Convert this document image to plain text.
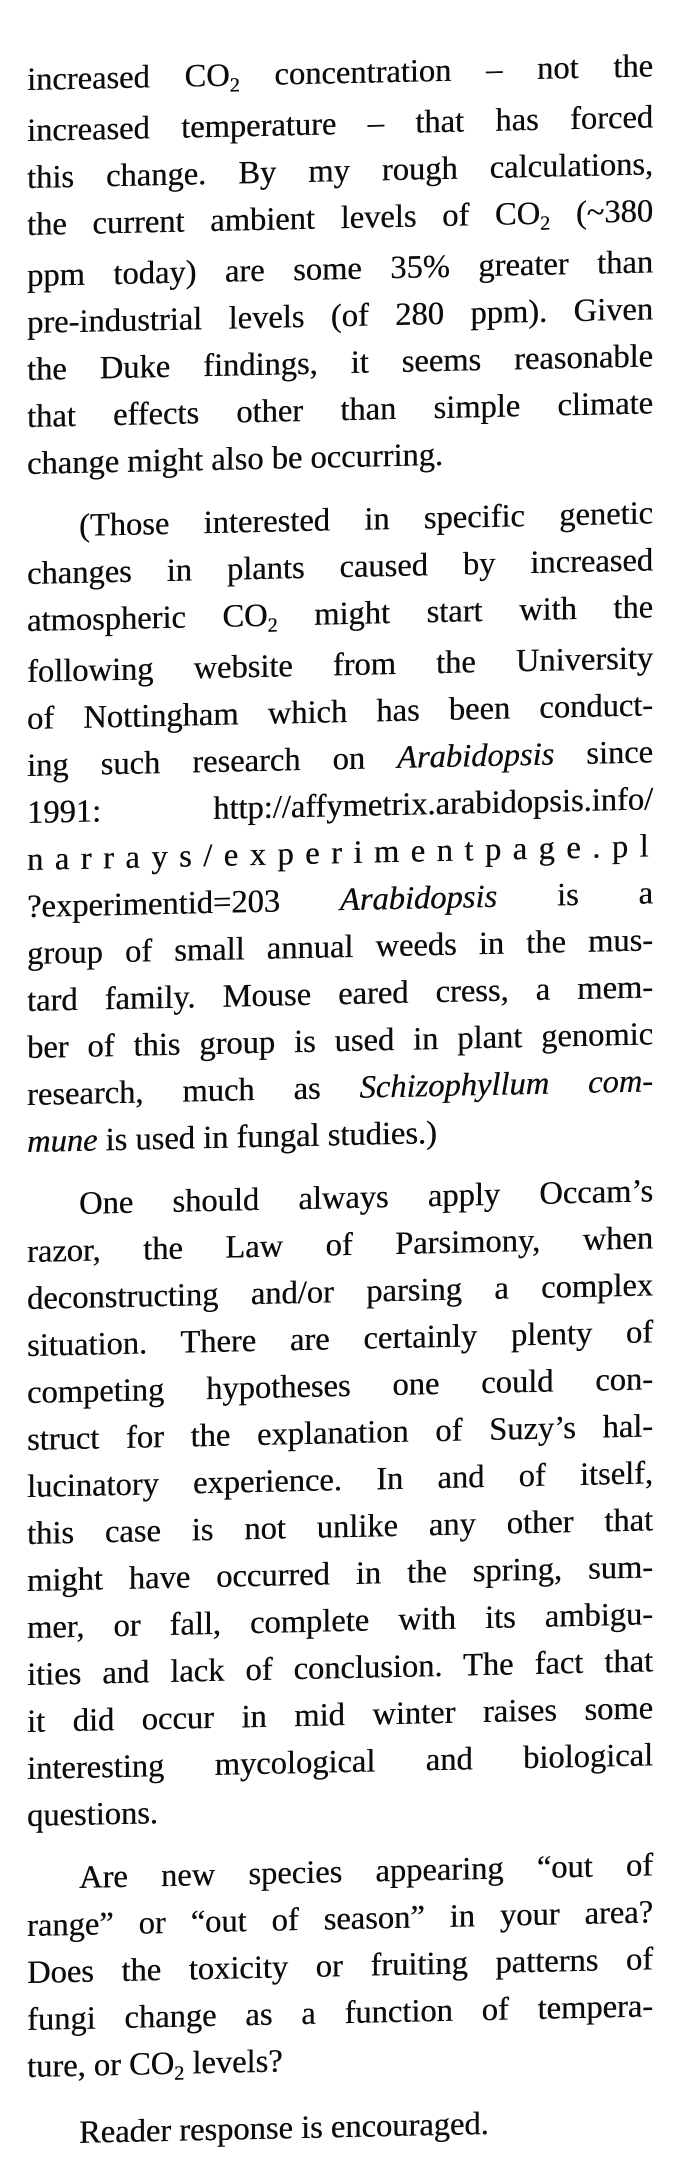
increased CO2 concentration – not the
increased temperature – that has forced
this change. By my rough calculations,
the current ambient levels of CO2 (~380
ppm today) are some 35% greater than
pre-industrial levels (of 280 ppm). Given
the Duke findings, it seems reasonable
that effects other than simple climate
change might also be occurring.
(Those interested in specific genetic
changes in plants caused by increased
atmospheric CO2 might start with the
following website from the University
of Nottingham which has been conduct-
ing such research on Arabidopsis since
1991: http://affymetrix.arabidopsis.info/
narrays/experimentpage.pl
?experimentid=203 Arabidopsis is a
group of small annual weeds in the mus-
tard family. Mouse eared cress, a mem-
ber of this group is used in plant genomic
research, much as Schizophyllum com-
mune is used in fungal studies.)
One should always apply Occam’s
razor, the Law of Parsimony, when
deconstructing and/or parsing a complex
situation. There are certainly plenty of
competing hypotheses one could con-
struct for the explanation of Suzy’s hal-
lucinatory experience. In and of itself,
this case is not unlike any other that
might have occurred in the spring, sum-
mer, or fall, complete with its ambigu-
ities and lack of conclusion. The fact that
it did occur in mid winter raises some
interesting mycological and biological
questions.
Are new species appearing “out of
range” or “out of season” in your area?
Does the toxicity or fruiting patterns of
fungi change as a function of tempera-
ture, or CO2 levels?
Reader response is encouraged.
